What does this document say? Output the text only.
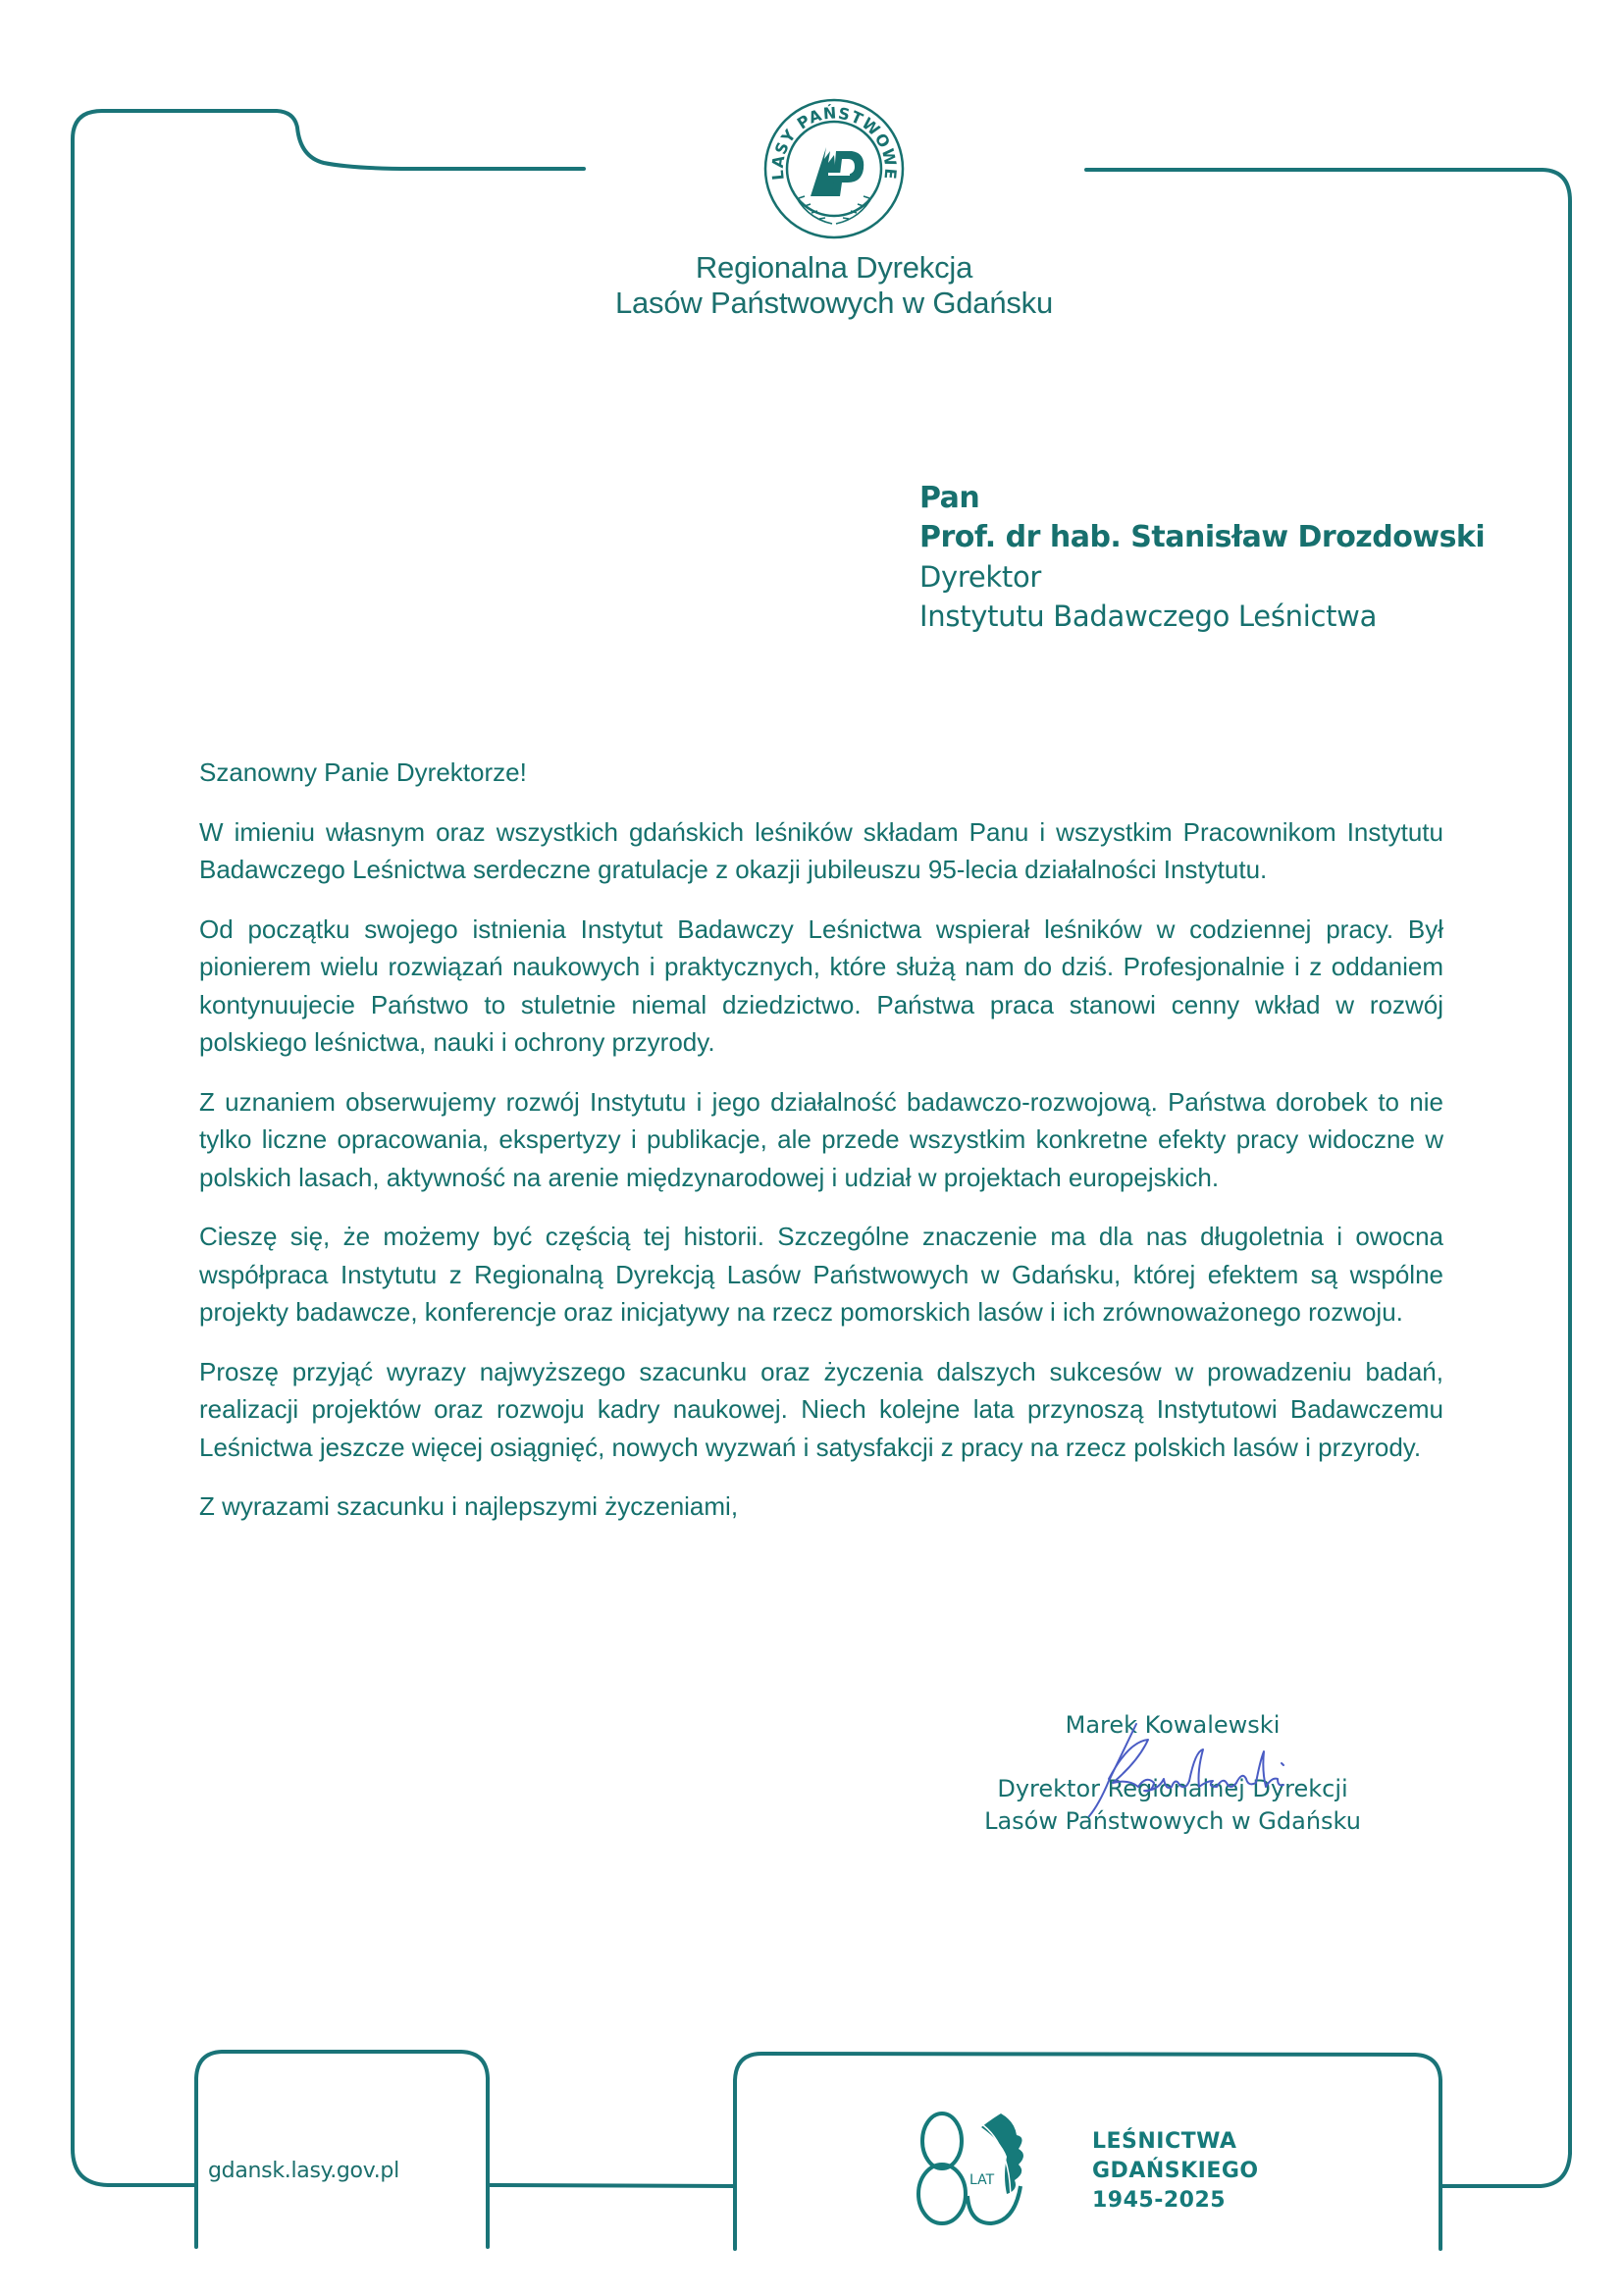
LASY PAŃSTWOWE
Regionalna Dyrekcja
Lasów Państwowych w Gdańsku
Pan
Prof. dr hab. Stanisław Drozdowski
Dyrektor
Instytutu Badawczego Leśnictwa

Szanowny Panie Dyrektorze!

W imieniu własnym oraz wszystkich gdańskich leśników składam Panu i wszystkim Pracownikom Instytutu Badawczego Leśnictwa serdeczne gratulacje z okazji jubileuszu 95-lecia działalności Instytutu.

Od początku swojego istnienia Instytut Badawczy Leśnictwa wspierał leśników w codziennej pracy. Był pionierem wielu rozwiązań naukowych i praktycznych, które służą nam do dziś. Profesjonalnie i z oddaniem kontynuujecie Państwo to stuletnie niemal dziedzictwo. Państwa praca stanowi cenny wkład w rozwój polskiego leśnictwa, nauki i ochrony przyrody.

Z uznaniem obserwujemy rozwój Instytutu i jego działalność badawczo-rozwojową. Państwa dorobek to nie tylko liczne opracowania, ekspertyzy i publikacje, ale przede wszystkim konkretne efekty pracy widoczne w polskich lasach, aktywność na arenie międzynarodowej i udział w projektach europejskich.

Cieszę się, że możemy być częścią tej historii. Szczególne znaczenie ma dla nas długoletnia i owocna współpraca Instytutu z Regionalną Dyrekcją Lasów Państwowych w Gdańsku, której efektem są wspólne projekty badawcze, konferencje oraz inicjatywy na rzecz pomorskich lasów i ich zrównoważonego rozwoju.

Proszę przyjąć wyrazy najwyższego szacunku oraz życzenia dalszych sukcesów w prowadzeniu badań, realizacji projektów oraz rozwoju kadry naukowej. Niech kolejne lata przynoszą Instytutowi Badawczemu Leśnictwa jeszcze więcej osiągnięć, nowych wyzwań i satysfakcji z pracy na rzecz polskich lasów i przyrody.

Z wyrazami szacunku i najlepszymi życzeniami,

Marek Kowalewski
Dyrektor Regionalnej Dyrekcji
Lasów Państwowych w Gdańsku
gdansk.lasy.gov.pl	LAT
LEŚNICTWA
GDAŃSKIEGO
1945-2025
